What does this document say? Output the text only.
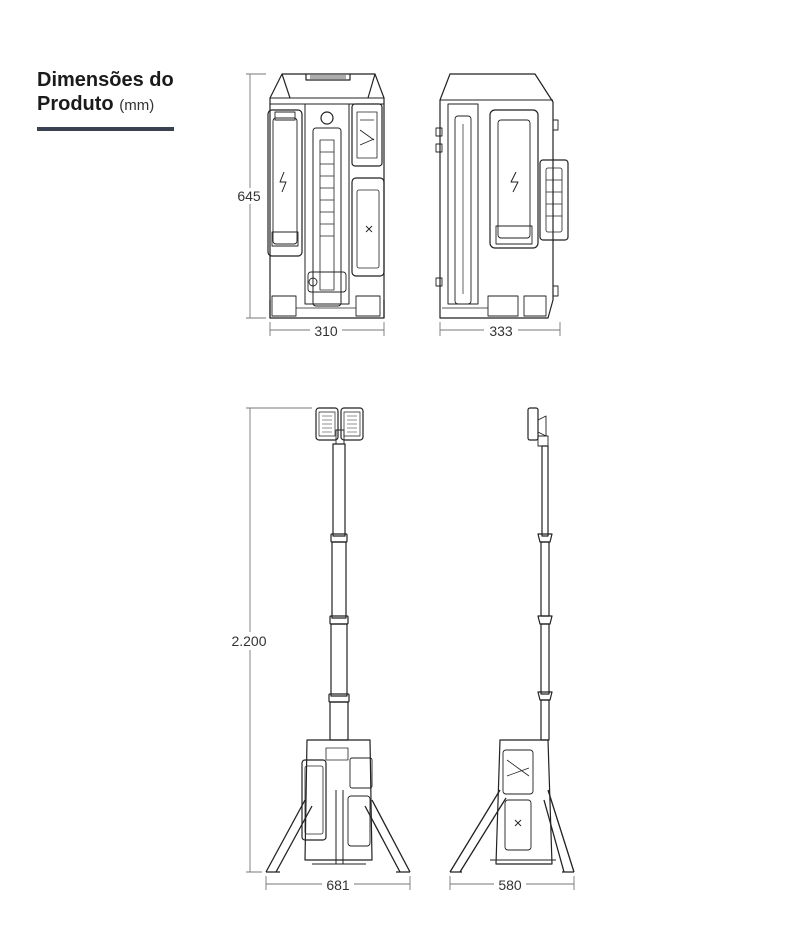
Dimensões do

Produto (mm)

645
310	333
2.200
681	580
